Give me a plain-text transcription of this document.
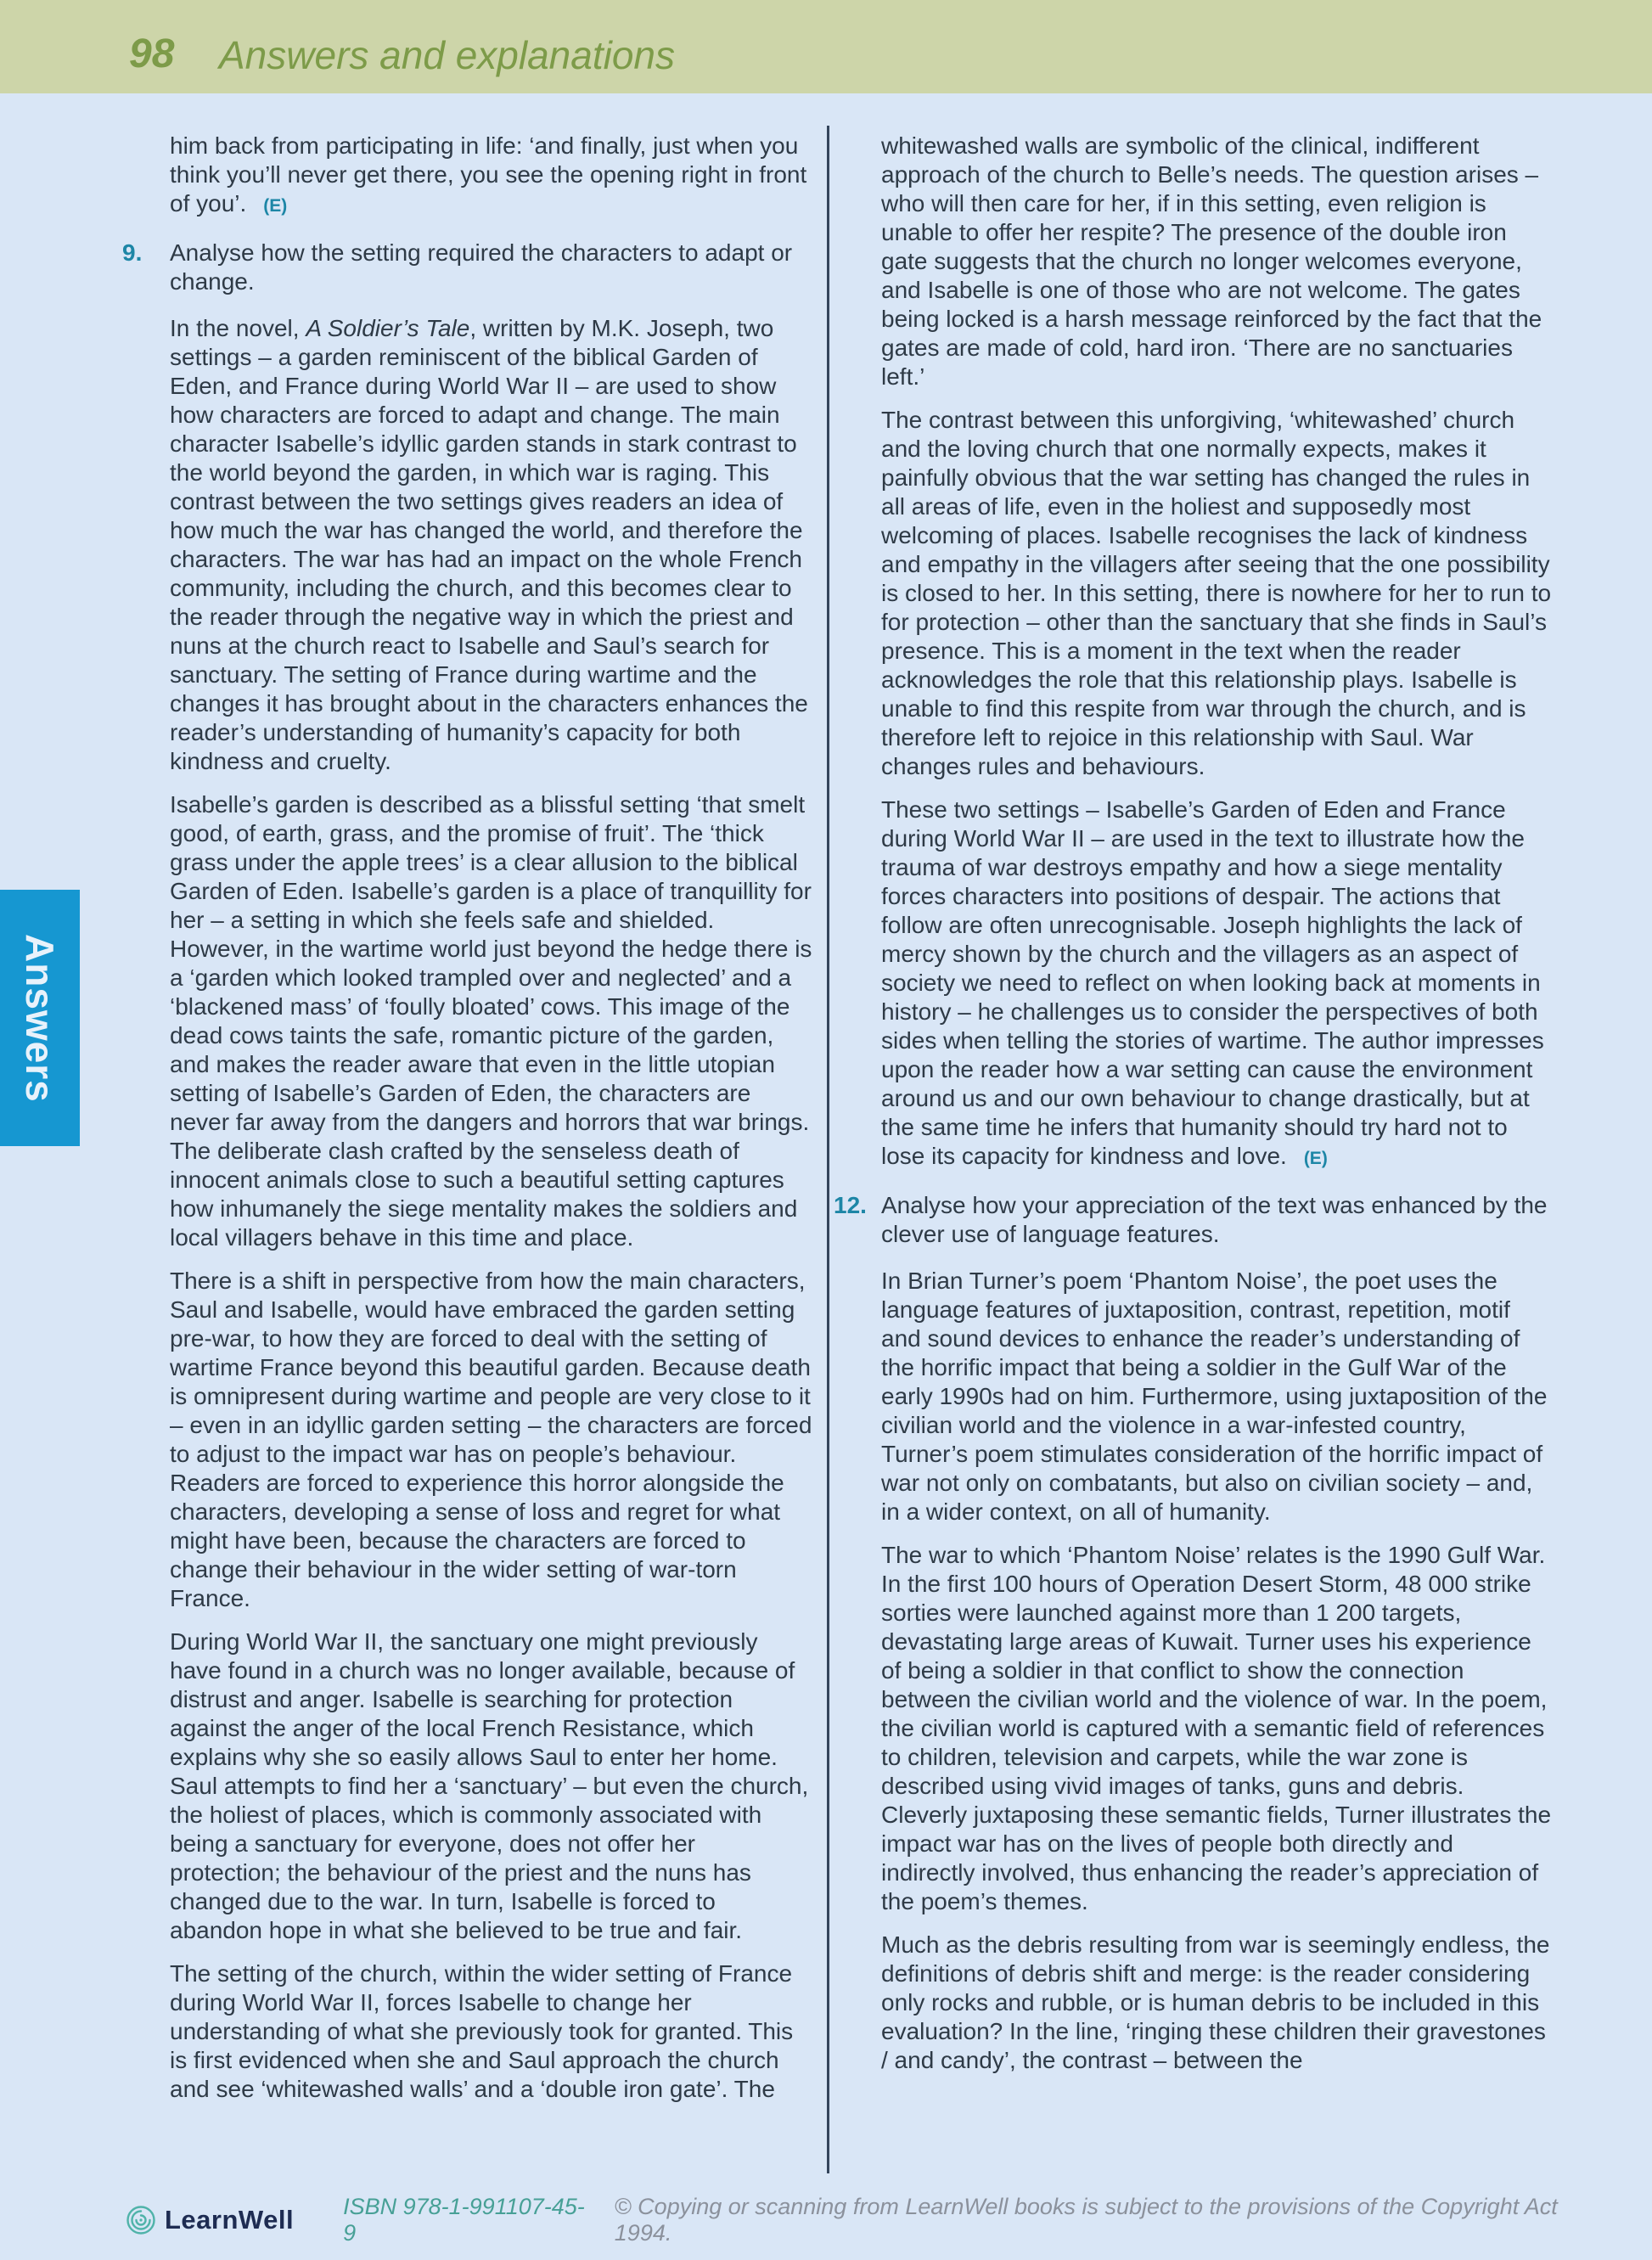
98 Answers and explanations
Answers
him back from participating in life: ‘and finally, just when you think you’ll never get there, you see the opening right in front of you’. (E)
9. Analyse how the setting required the characters to adapt or change.
In the novel, A Soldier’s Tale, written by M.K. Joseph, two settings – a garden reminiscent of the biblical Garden of Eden, and France during World War II – are used to show how characters are forced to adapt and change. The main character Isabelle’s idyllic garden stands in stark contrast to the world beyond the garden, in which war is raging. This contrast between the two settings gives readers an idea of how much the war has changed the world, and therefore the characters. The war has had an impact on the whole French community, including the church, and this becomes clear to the reader through the negative way in which the priest and nuns at the church react to Isabelle and Saul’s search for sanctuary. The setting of France during wartime and the changes it has brought about in the characters enhances the reader’s understanding of humanity’s capacity for both kindness and cruelty.
Isabelle’s garden is described as a blissful setting ‘that smelt good, of earth, grass, and the promise of fruit’. The ‘thick grass under the apple trees’ is a clear allusion to the biblical Garden of Eden. Isabelle’s garden is a place of tranquillity for her – a setting in which she feels safe and shielded. However, in the wartime world just beyond the hedge there is a ‘garden which looked trampled over and neglected’ and a ‘blackened mass’ of ‘foully bloated’ cows. This image of the dead cows taints the safe, romantic picture of the garden, and makes the reader aware that even in the little utopian setting of Isabelle’s Garden of Eden, the characters are never far away from the dangers and horrors that war brings. The deliberate clash crafted by the senseless death of innocent animals close to such a beautiful setting captures how inhumanely the siege mentality makes the soldiers and local villagers behave in this time and place.
There is a shift in perspective from how the main characters, Saul and Isabelle, would have embraced the garden setting pre-war, to how they are forced to deal with the setting of wartime France beyond this beautiful garden. Because death is omnipresent during wartime and people are very close to it – even in an idyllic garden setting – the characters are forced to adjust to the impact war has on people’s behaviour. Readers are forced to experience this horror alongside the characters, developing a sense of loss and regret for what might have been, because the characters are forced to change their behaviour in the wider setting of war-torn France.
During World War II, the sanctuary one might previously have found in a church was no longer available, because of distrust and anger. Isabelle is searching for protection against the anger of the local French Resistance, which explains why she so easily allows Saul to enter her home. Saul attempts to find her a ‘sanctuary’ – but even the church, the holiest of places, which is commonly associated with being a sanctuary for everyone, does not offer her protection; the behaviour of the priest and the nuns has changed due to the war. In turn, Isabelle is forced to abandon hope in what she believed to be true and fair.
The setting of the church, within the wider setting of France during World War II, forces Isabelle to change her understanding of what she previously took for granted. This is first evidenced when she and Saul approach the church and see ‘whitewashed walls’ and a ‘double iron gate’. The
whitewashed walls are symbolic of the clinical, indifferent approach of the church to Belle’s needs. The question arises – who will then care for her, if in this setting, even religion is unable to offer her respite? The presence of the double iron gate suggests that the church no longer welcomes everyone, and Isabelle is one of those who are not welcome. The gates being locked is a harsh message reinforced by the fact that the gates are made of cold, hard iron. ‘There are no sanctuaries left.’
The contrast between this unforgiving, ‘whitewashed’ church and the loving church that one normally expects, makes it painfully obvious that the war setting has changed the rules in all areas of life, even in the holiest and supposedly most welcoming of places. Isabelle recognises the lack of kindness and empathy in the villagers after seeing that the one possibility is closed to her. In this setting, there is nowhere for her to run to for protection – other than the sanctuary that she finds in Saul’s presence. This is a moment in the text when the reader acknowledges the role that this relationship plays. Isabelle is unable to find this respite from war through the church, and is therefore left to rejoice in this relationship with Saul. War changes rules and behaviours.
These two settings – Isabelle’s Garden of Eden and France during World War II – are used in the text to illustrate how the trauma of war destroys empathy and how a siege mentality forces characters into positions of despair. The actions that follow are often unrecognisable. Joseph highlights the lack of mercy shown by the church and the villagers as an aspect of society we need to reflect on when looking back at moments in history – he challenges us to consider the perspectives of both sides when telling the stories of wartime. The author impresses upon the reader how a war setting can cause the environment around us and our own behaviour to change drastically, but at the same time he infers that humanity should try hard not to lose its capacity for kindness and love. (E)
12. Analyse how your appreciation of the text was enhanced by the clever use of language features.
In Brian Turner’s poem ‘Phantom Noise’, the poet uses the language features of juxtaposition, contrast, repetition, motif and sound devices to enhance the reader’s understanding of the horrific impact that being a soldier in the Gulf War of the early 1990s had on him. Furthermore, using juxtaposition of the civilian world and the violence in a war-infested country, Turner’s poem stimulates consideration of the horrific impact of war not only on combatants, but also on civilian society – and, in a wider context, on all of humanity.
The war to which ‘Phantom Noise’ relates is the 1990 Gulf War. In the first 100 hours of Operation Desert Storm, 48 000 strike sorties were launched against more than 1 200 targets, devastating large areas of Kuwait. Turner uses his experience of being a soldier in that conflict to show the connection between the civilian world and the violence of war. In the poem, the civilian world is captured with a semantic field of references to children, television and carpets, while the war zone is described using vivid images of tanks, guns and debris. Cleverly juxtaposing these semantic fields, Turner illustrates the impact war has on the lives of people both directly and indirectly involved, thus enhancing the reader’s appreciation of the poem’s themes.
Much as the debris resulting from war is seemingly endless, the definitions of debris shift and merge: is the reader considering only rocks and rubble, or is human debris to be included in this evaluation? In the line, ‘ringing these children their gravestones / and candy’, the contrast – between the
LearnWell ISBN 978-1-991107-45-9
© Copying or scanning from LearnWell books is subject to the provisions of the Copyright Act 1994.
